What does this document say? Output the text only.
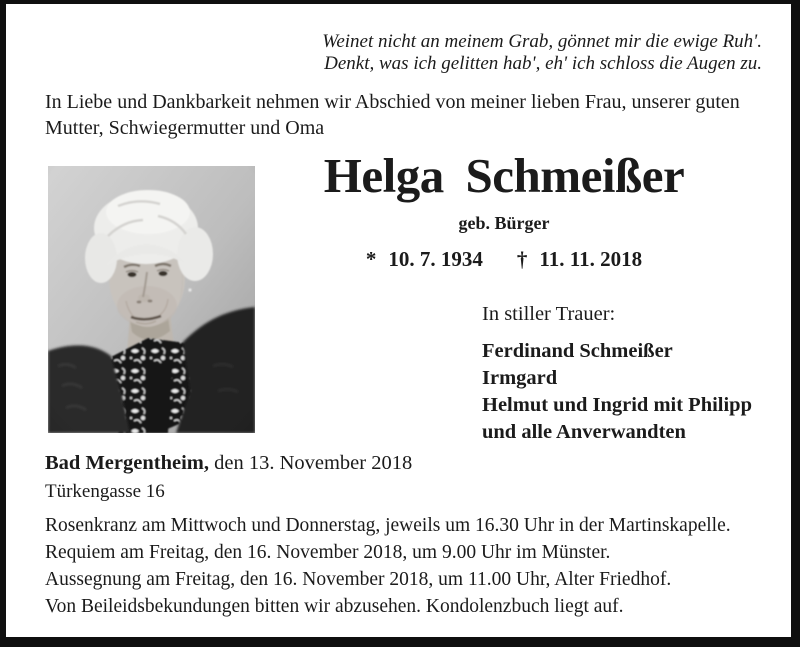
Weinet nicht an meinem Grab, gönnet mir die ewige Ruh'.
Denkt, was ich gelitten hab', eh' ich schloss die Augen zu.
In Liebe und Dankbarkeit nehmen wir Abschied von meiner lieben Frau, unserer guten Mutter, Schwiegermutter und Oma
Helga Schmeißer
geb. Bürger
* 10. 7. 1934 † 11. 11. 2018
In stiller Trauer:
Ferdinand Schmeißer
Irmgard
Helmut und Ingrid mit Philipp
und alle Anverwandten
Bad Mergentheim, den 13. November 2018
Türkengasse 16
Rosenkranz am Mittwoch und Donnerstag, jeweils um 16.30 Uhr in der Martinskapelle.
Requiem am Freitag, den 16. November 2018, um 9.00 Uhr im Münster.
Aussegnung am Freitag, den 16. November 2018, um 11.00 Uhr, Alter Friedhof.
Von Beileidsbekundungen bitten wir abzusehen. Kondolenzbuch liegt auf.
